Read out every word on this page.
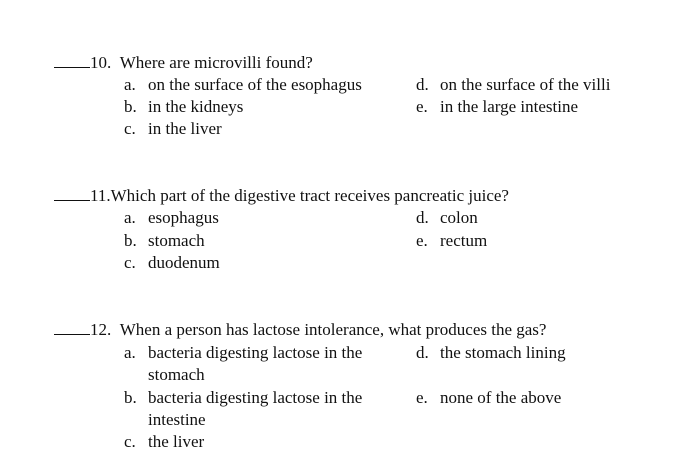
10. Where are microvilli found?
a. on the surface of the esophagus
b. in the kidneys
c. in the liver
d. on the surface of the villi
e. in the large intestine
11.Which part of the digestive tract receives pancreatic juice?
a. esophagus
b. stomach
c. duodenum
d. colon
e. rectum
12. When a person has lactose intolerance, what produces the gas?
a. bacteria digesting lactose in the stomach
b. bacteria digesting lactose in the intestine
c. the liver
d. the stomach lining
e. none of the above
